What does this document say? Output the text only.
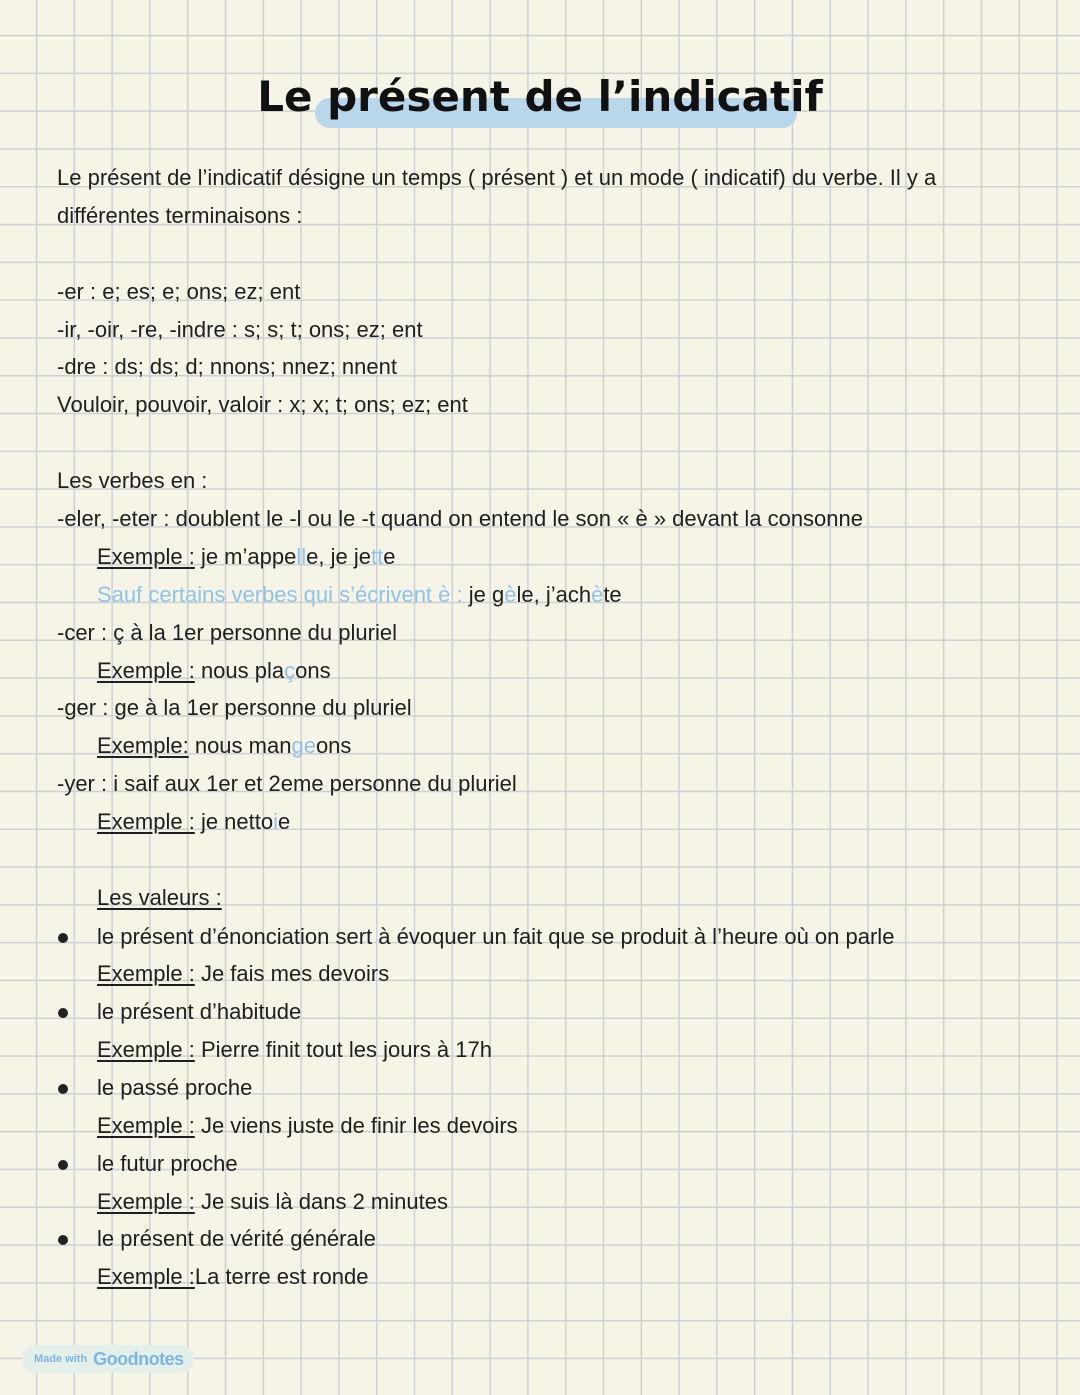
Le présent de l’indicatif
Le présent de l’indicatif désigne un temps ( présent ) et un mode ( indicatif) du verbe. Il y a
différentes terminaisons :
-er : e; es; e; ons; ez; ent
-ir, -oir, -re, -indre : s; s; t; ons; ez; ent
-dre : ds; ds; d; nnons; nnez; nnent
Vouloir, pouvoir, valoir : x; x; t; ons; ez; ent
Les verbes en :
-eler, -eter : doublent le -l ou le -t quand on entend le son « è » devant la consonne
Exemple : je m’appelle, je jette
Sauf certains verbes qui s’écrivent è : je gèle, j’achète
-cer : ç à la 1er personne du pluriel
Exemple : nous plaçons
-ger : ge à la 1er personne du pluriel
Exemple: nous mangeons
-yer : i saif aux 1er et 2eme personne du pluriel
Exemple : je nettoie
Les valeurs :
le présent d’énonciation sert à évoquer un fait que se produit à l’heure où on parle
Exemple : Je fais mes devoirs
le présent d’habitude
Exemple : Pierre finit tout les jours à 17h
le passé proche
Exemple : Je viens juste de finir les devoirs
le futur proche
Exemple : Je suis là dans 2 minutes
le présent de vérité générale
Exemple :La terre est ronde
Made with Goodnotes
